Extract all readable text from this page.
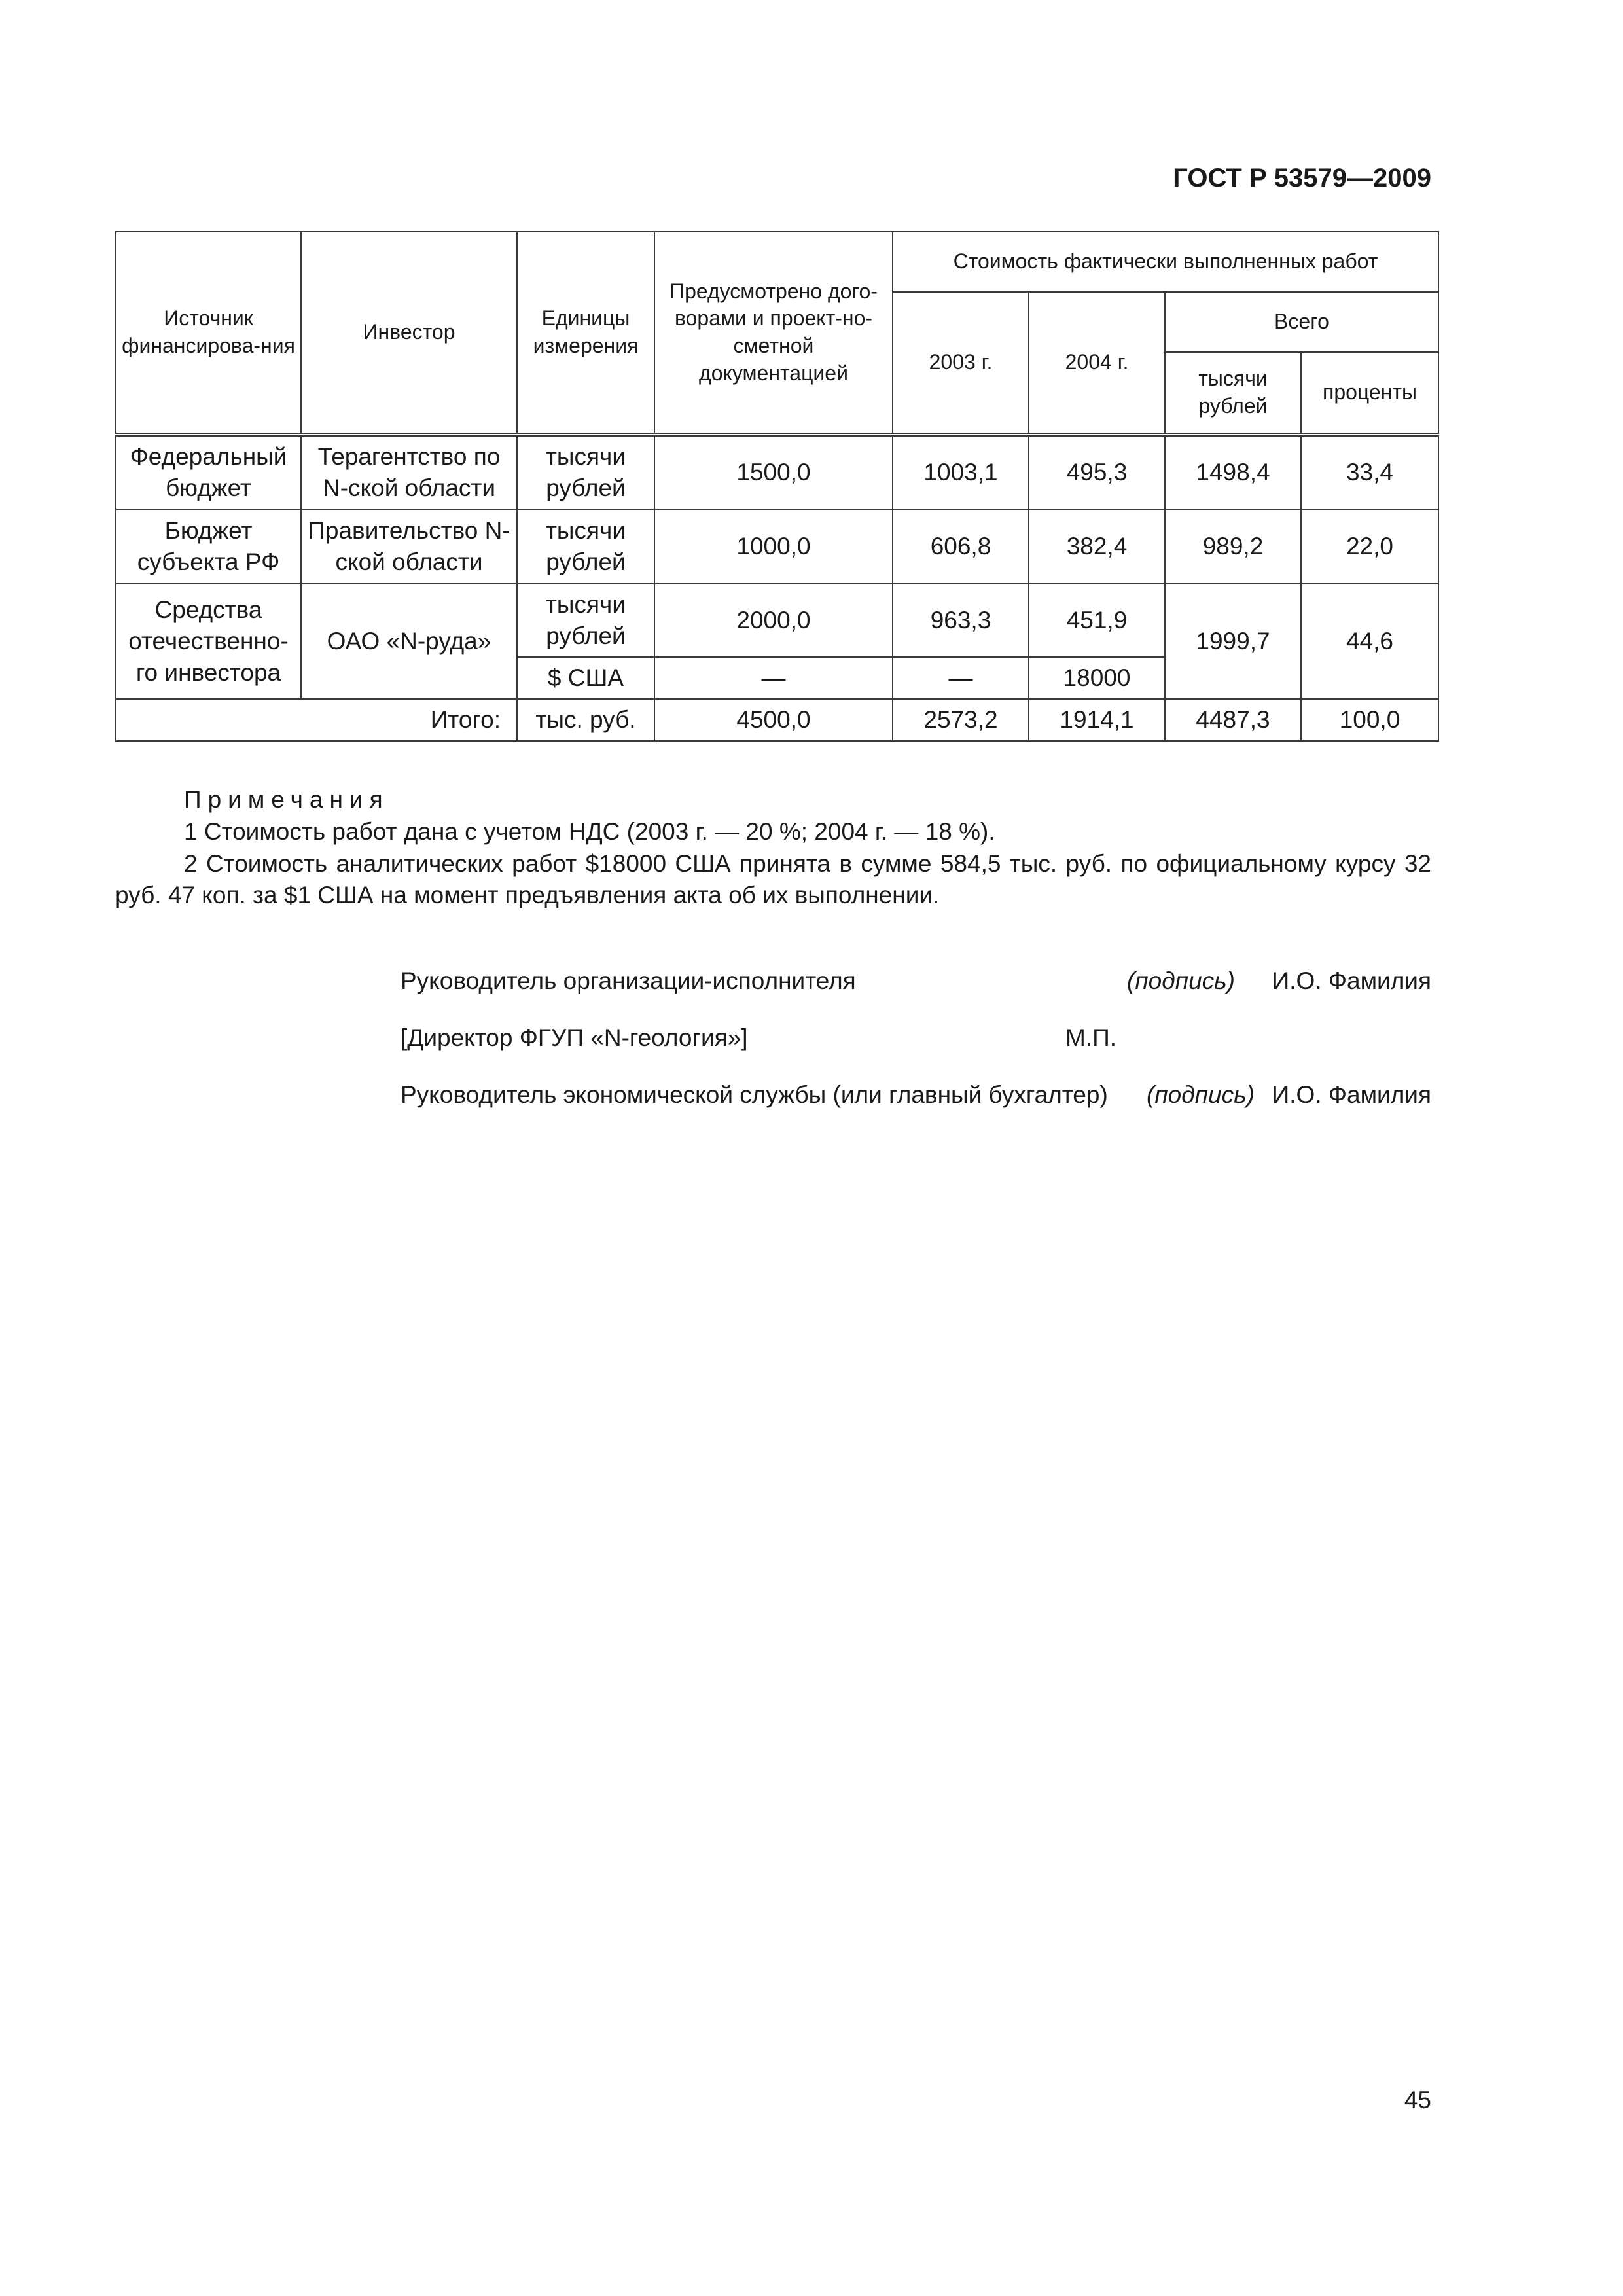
ГОСТ Р 53579—2009
Источник финансирова-ния	Инвестор	Единицы измерения	Предусмотрено дого-ворами и проект-но-сметной документацией	Стоимость фактически выполненных работ			
				2003 г.	2004 г.	Всего	
						тысячи рублей	проценты
Федеральный бюджет	Терагентство по N-ской области	тысячи рублей	1500,0	1003,1	495,3	1498,4	33,4
Бюджет субъекта РФ	Правительство N-ской области	тысячи рублей	1000,0	606,8	382,4	989,2	22,0
Средства отечественно-го инвестора	ОАО «N-руда»	тысячи рублей	2000,0	963,3	451,9	1999,7	44,6
		$ США	—	—	18000		
Итого:		тыс. руб.	4500,0	2573,2	1914,1	4487,3	100,0
Примечания
1 Стоимость работ дана с учетом НДС (2003 г. — 20 %; 2004 г. — 18 %).
2 Стоимость аналитических работ $18000 США принята в сумме 584,5 тыс. руб. по официальному курсу 32 руб. 47 коп. за $1 США на момент предъявления акта об их выполнении.
Руководитель организации-исполнителя	(подпись) И.О. Фамилия
[Директор ФГУП «N-геология»]	М.П.
Руководитель экономической службы (или главный бухгалтер) (подпись) И.О. Фамилия
45
